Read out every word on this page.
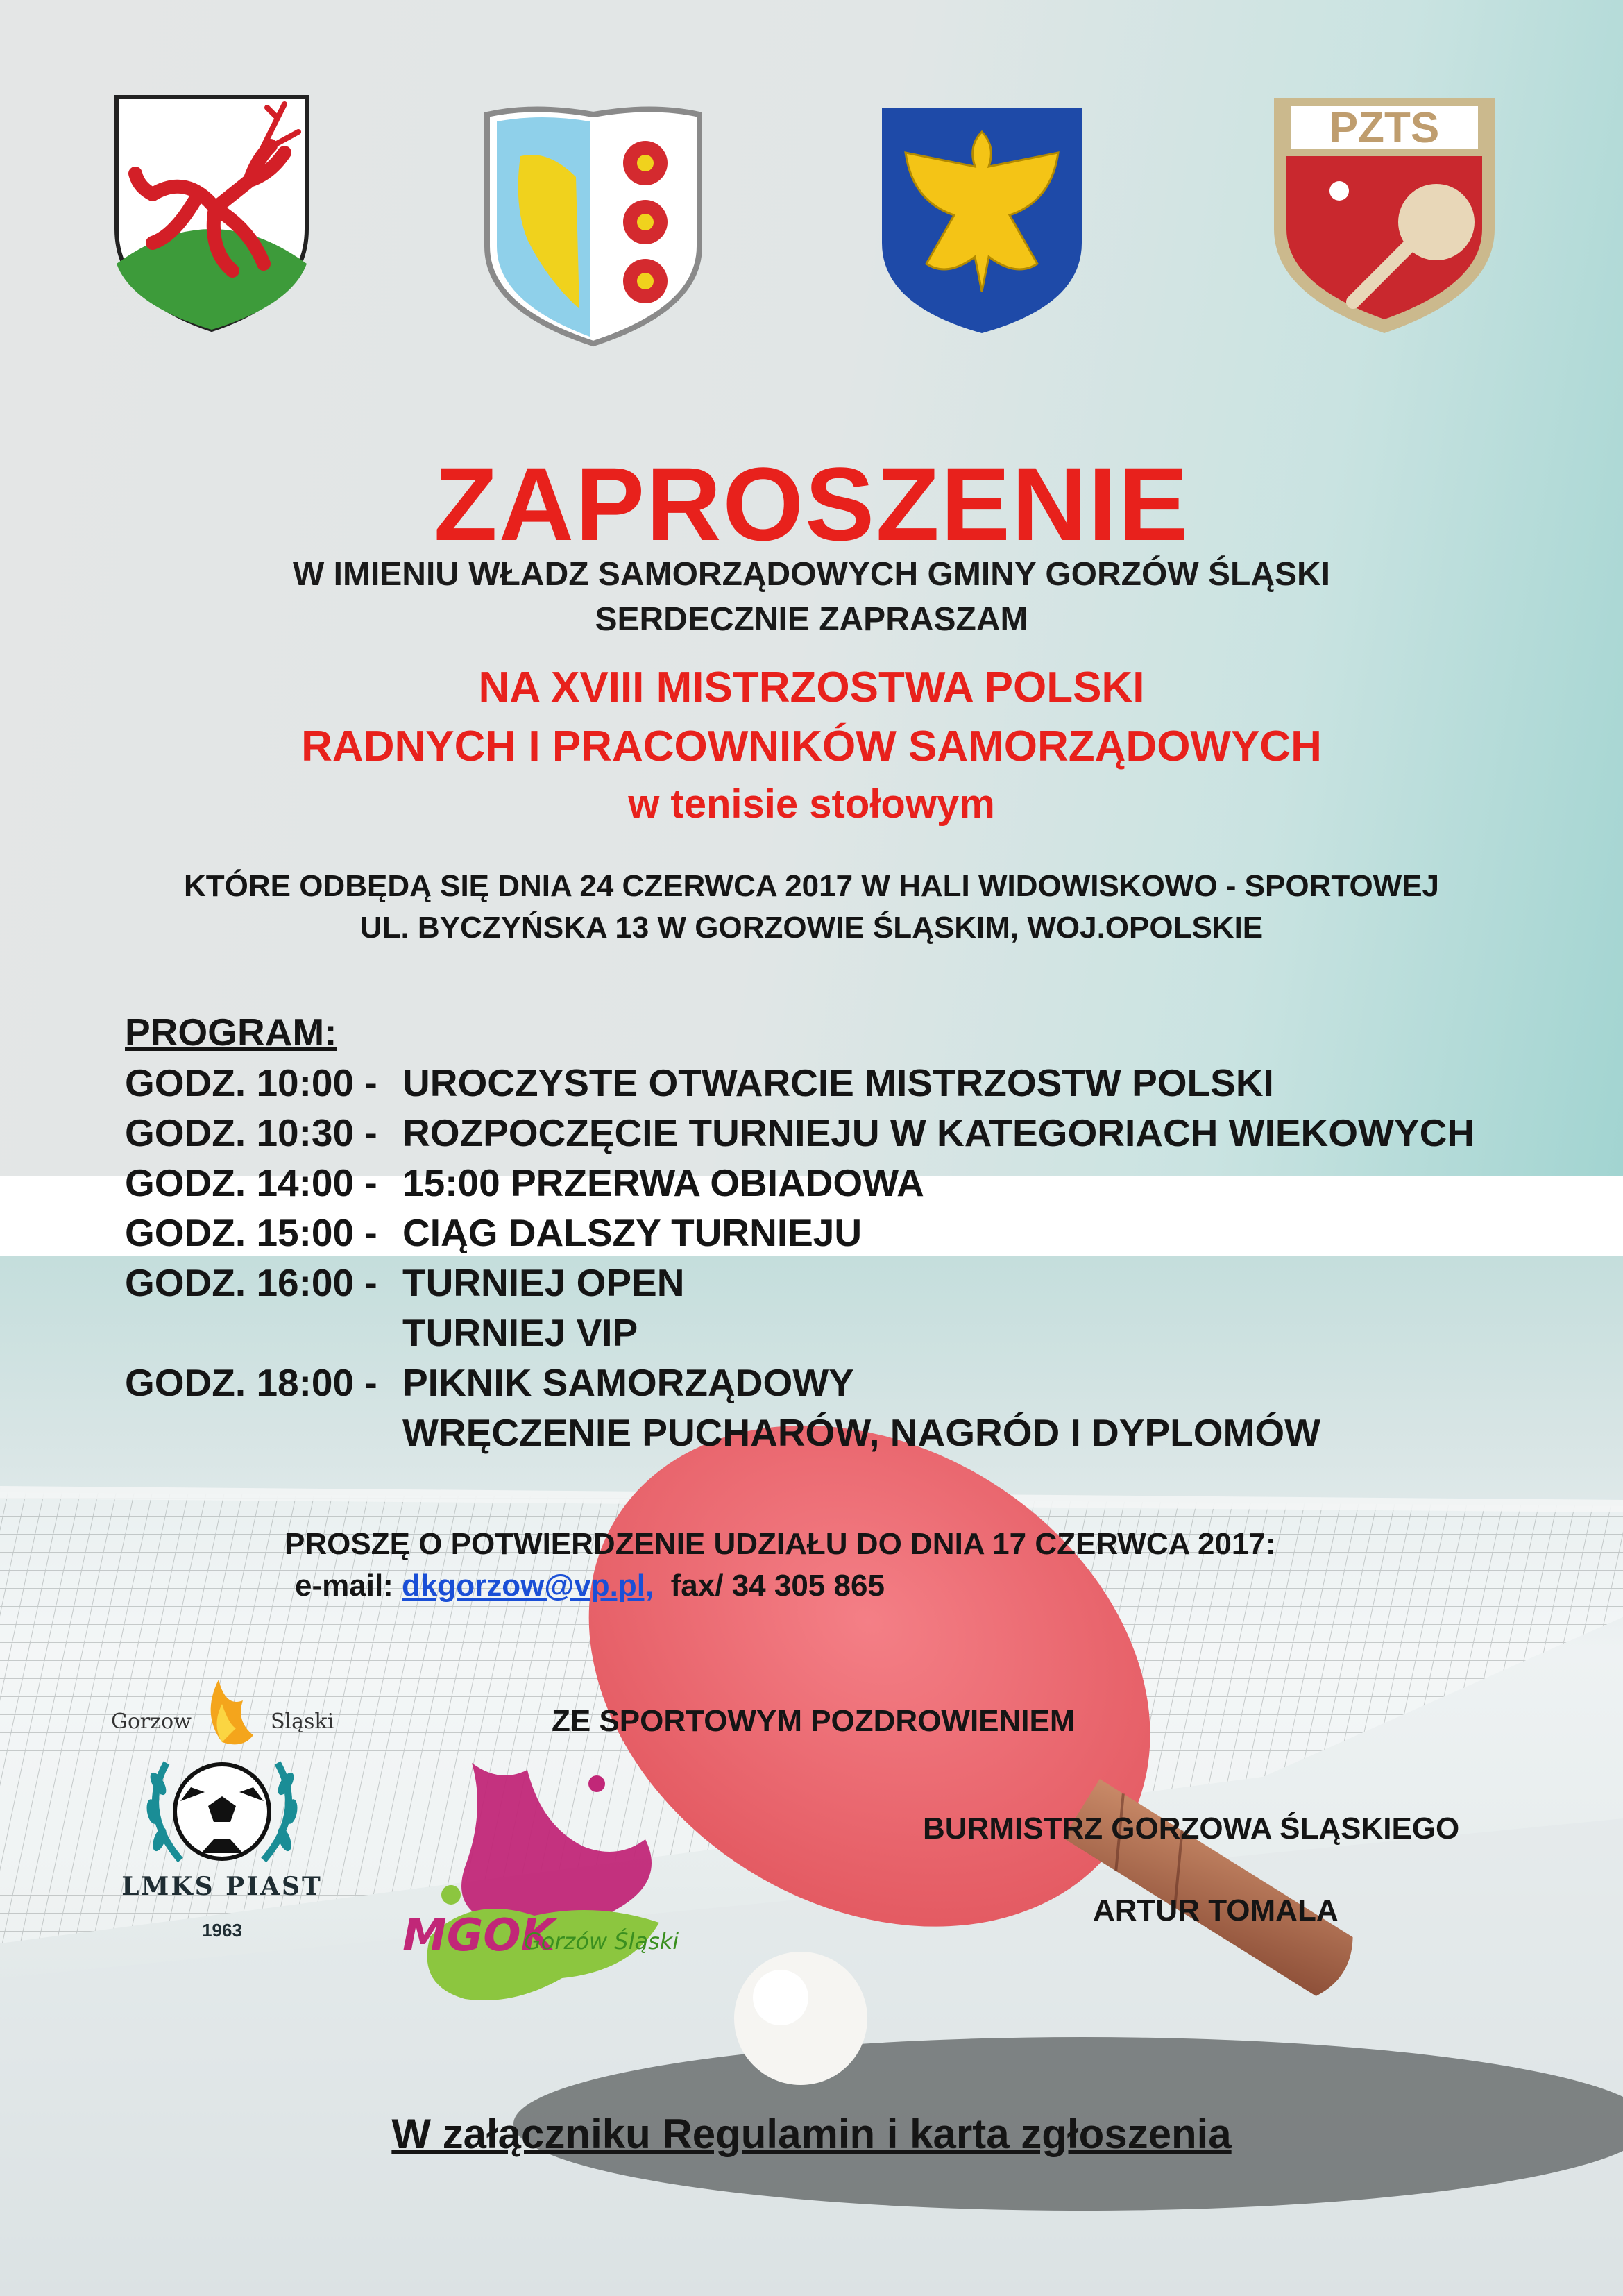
PZTS
ZAPROSZENIE
W IMIENIU WŁADZ SAMORZĄDOWYCH GMINY GORZÓW ŚLĄSKI
SERDECZNIE ZAPRASZAM
NA XVIII MISTRZOSTWA POLSKI
RADNYCH I PRACOWNIKÓW SAMORZĄDOWYCH
w tenisie stołowym
KTÓRE ODBĘDĄ SIĘ DNIA 24 CZERWCA 2017 W HALI WIDOWISKOWO - SPORTOWEJ
UL. BYCZYŃSKA 13 W GORZOWIE ŚLĄSKIM, WOJ.OPOLSKIE
PROGRAM:
GODZ. 10:00 - UROCZYSTE OTWARCIE MISTRZOSTW POLSKI
GODZ. 10:30 - ROZPOCZĘCIE TURNIEJU W KATEGORIACH WIEKOWYCH
GODZ. 14:00 - 15:00 PRZERWA OBIADOWA
GODZ. 15:00 - CIĄG DALSZY TURNIEJU
GODZ. 16:00 - TURNIEJ OPEN
TURNIEJ VIP
GODZ. 18:00 - PIKNIK SAMORZĄDOWY
WRĘCZENIE PUCHARÓW, NAGRÓD I DYPLOMÓW
PROSZĘ O POTWIERDZENIE UDZIAŁU DO DNIA 17 CZERWCA 2017:
e-mail: dkgorzow@vp.pl, fax/ 34 305 865
ZE SPORTOWYM POZDROWIENIEM
BURMISTRZ GORZOWA ŚLĄSKIEGO
ARTUR TOMALA
Gorzow	Sląski
LMKS PIAST
1963	MGOK
Gorzów Śląski
W załączniku Regulamin i karta zgłoszenia
